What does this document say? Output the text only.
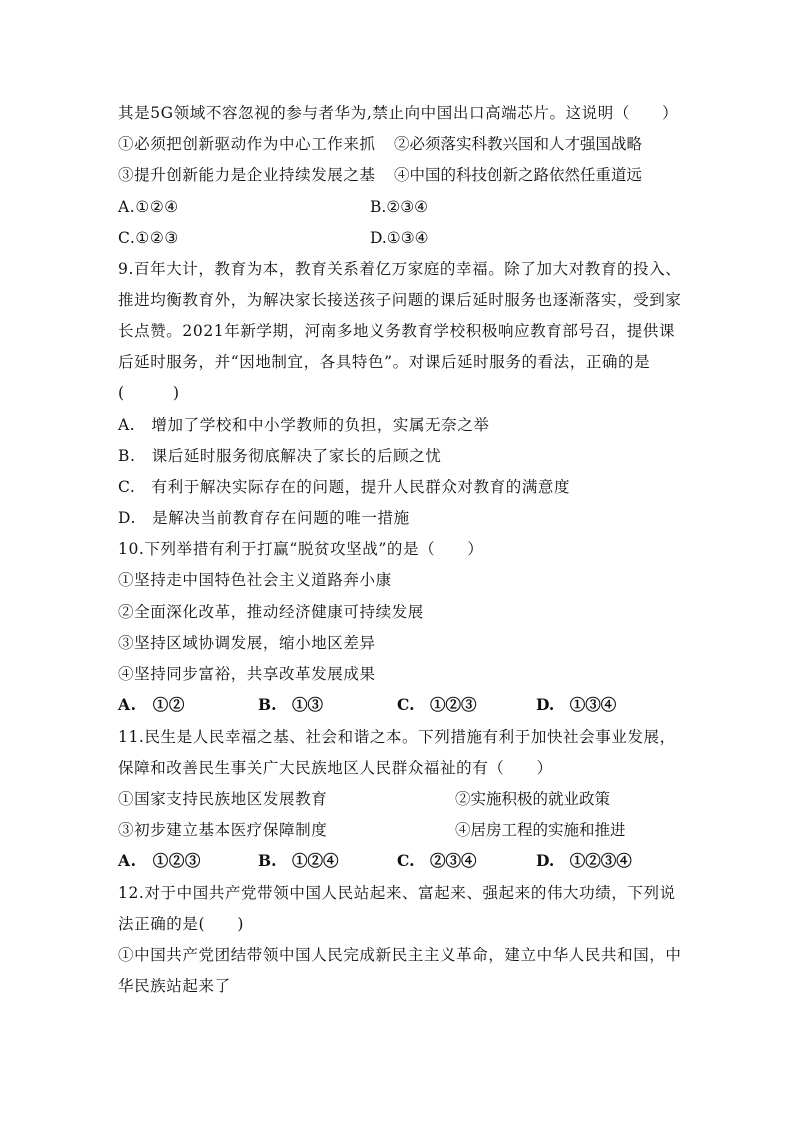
其是5G领域不容忽视的参与者华为,禁止向中国出口高端芯片。这说明（　　）
①必须把创新驱动作为中心工作来抓 ②必须落实科教兴国和人才强国战略
③提升创新能力是企业持续发展之基 ④中国的科技创新之路依然任重道远
A.①②④	B.②③④
C.①②③	D.①③④
9.百年大计，教育为本，教育关系着亿万家庭的幸福。除了加大对教育的投入、
推进均衡教育外，为解决家长接送孩子问题的课后延时服务也逐渐落实，受到家
长点赞。2021年新学期，河南多地义务教育学校积极响应教育部号召，提供课
后延时服务，并“因地制宜，各具特色”。对课后延时服务的看法，正确的是
(　　　)
A.　增加了学校和中小学教师的负担，实属无奈之举
B.　课后延时服务彻底解决了家长的后顾之忧
C.　有利于解决实际存在的问题，提升人民群众对教育的满意度
D.　是解决当前教育存在问题的唯一措施
10.下列举措有利于打赢“脱贫攻坚战”的是（　　）
①坚持走中国特色社会主义道路奔小康
②全面深化改革，推动经济健康可持续发展
③坚持区域协调发展，缩小地区差异
④坚持同步富裕，共享改革发展成果
A.　①②	B.　①③	C.　①②③	D.　①③④
11.民生是人民幸福之基、社会和谐之本。下列措施有利于加快社会事业发展，
保障和改善民生事关广大民族地区人民群众福祉的有（　　）
①国家支持民族地区发展教育	②实施积极的就业政策
③初步建立基本医疗保障制度	④居房工程的实施和推进
A.　①②③	B.　①②④	C.　②③④	D.　①②③④
12.对于中国共产党带领中国人民站起来、富起来、强起来的伟大功绩，下列说
法正确的是(　　)
①中国共产党团结带领中国人民完成新民主主义革命，建立中华人民共和国，中
华民族站起来了
